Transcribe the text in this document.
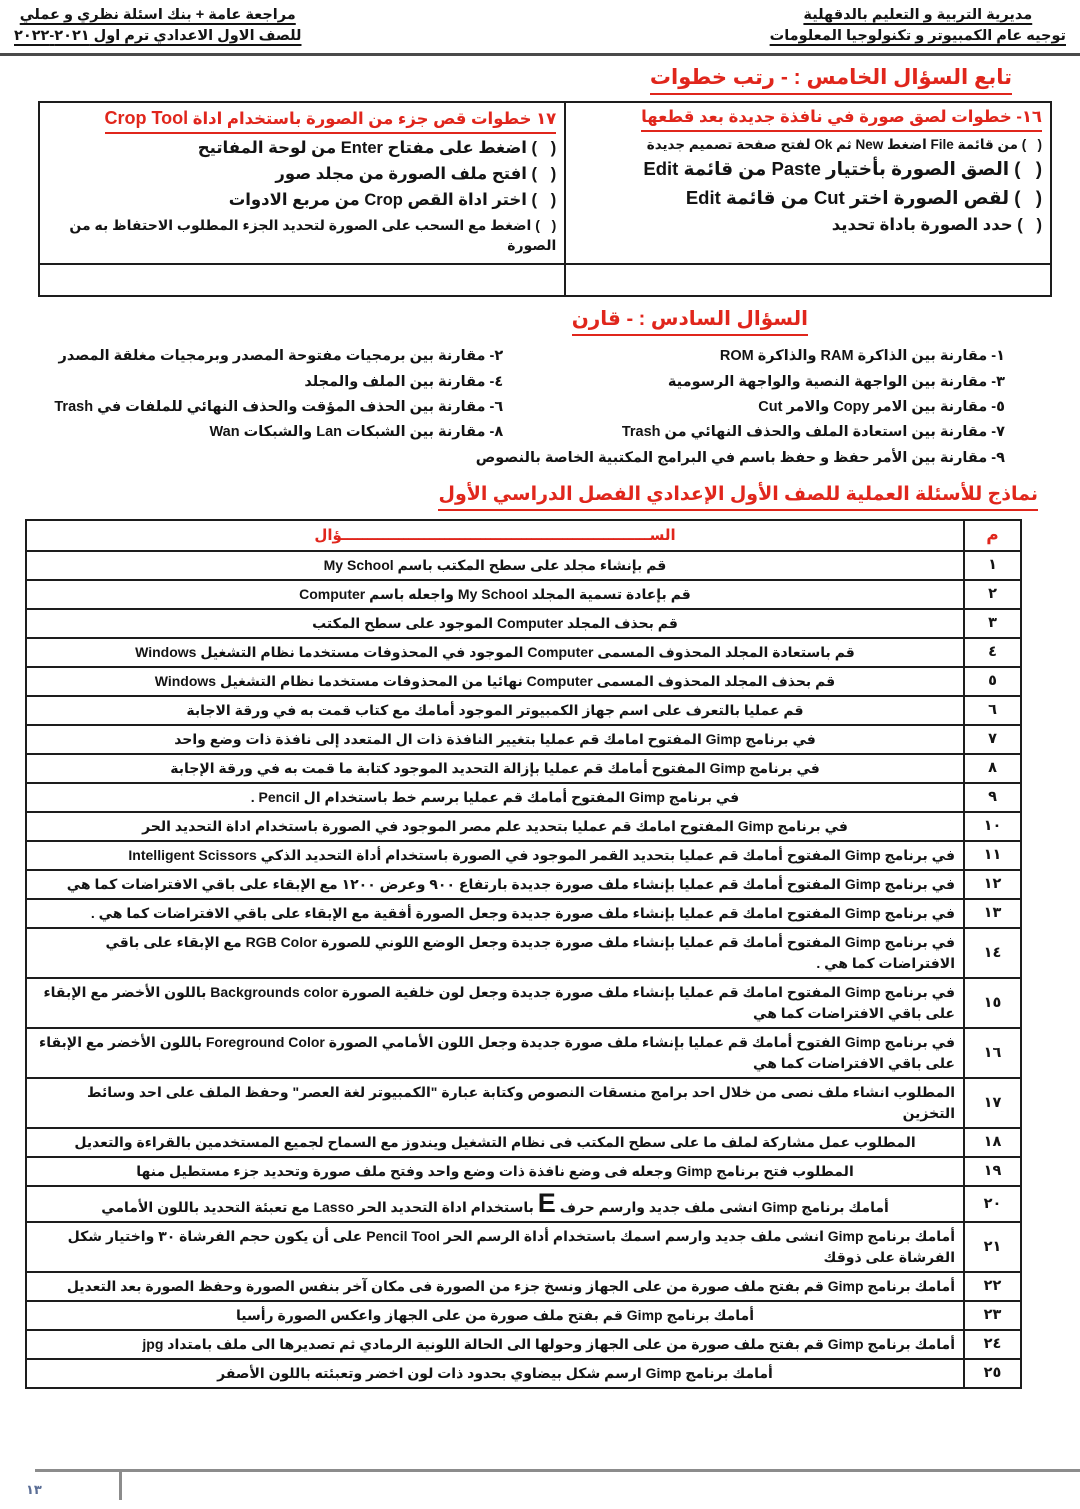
مديرية التربية و التعليم بالدقهلية
توجيه عام الكمبيوتر و تكنولوجيا المعلومات
مراجعة عامة + بنك اسئلة نظري و عملي
للصف الاول الاعدادي ترم اول ٢٠٢١-٢٠٢٢
تابع السؤال الخامس : - رتب خطوات
١٦- خطوات لصق صورة في نافذة جديدة بعد قطعها
(   ) من قائمة File اضغط New ثم Ok لفتح صفحة تصميم جديدة
(   ) الصق الصورة بأختيار Paste من قائمة Edit
(   ) لقص الصورة اختر Cut من قائمة Edit
(   ) حدد الصورة باداة تحديد

١٧ خطوات قص جزء من الصورة باستخدام اداة Crop Tool
(   ) اضغط على مفتاح Enter من لوحة المفاتيح
(   ) افتح ملف الصورة من مجلد صور
(   ) اختر اداة القص Crop من مربع الادوات
(   ) اضغط مع السحب على الصورة لتحديد الجزء المطلوب الاحتفاظ به من الصورة

السؤال السادس : - قارن
١- مقارنة بين الذاكرة RAM والذاكرة ROM
٢- مقارنة بين برمجيات مفتوحة المصدر وبرمجيات مغلقة المصدر
٣- مقارنة بين الواجهة النصية والواجهة الرسومية
٤- مقارنة بين الملف والمجلد
٥- مقارنة بين الامر Copy والامر Cut
٦- مقارنة بين الحذف المؤقت والحذف النهائي للملفات في Trash
٧- مقارنة بين استعادة الملف والحذف النهائي من Trash
٨- مقارنة بين الشبكات Lan والشبكات Wan
٩- مقارنة بين الأمر حفظ و حفظ باسم في البرامج المكتبية الخاصة بالنصوص
نماذج للأسئلة العملية للصف الأول الإعدادي الفصل الدراسي الأول
م	الســــــــــــــــــــــــــــــــــــــــــــــــــــــــــــؤال
١	قم بإنشاء مجلد على سطح المكتب باسم My School
٢	قم بإعادة تسمية المجلد My School واجعله باسم Computer
٣	قم بحذف المجلد Computer الموجود على سطح المكتب
٤	قم باستعادة المجلد المحذوف المسمى Computer الموجود في المحذوفات مستخدما نظام التشغيل Windows
٥	قم بحذف المجلد المحذوف المسمى Computer نهائيا من المحذوفات مستخدما نظام التشغيل Windows
٦	قم عمليا بالتعرف على اسم جهاز الكمبيوتر الموجود أمامك مع كتاب قمت به في ورقة الاجابة
٧	في برنامج Gimp المفتوح امامك قم عمليا بتغيير النافذة ذات ال المتعدد إلى نافذة ذات وضع واحد
٨	في برنامج Gimp المفتوح أمامك قم عمليا بإزالة التحديد الموجود كتابة ما قمت به في ورقة الإجابة
٩	في برنامج Gimp المفتوح أمامك قم عمليا برسم خط باستخدام ال Pencil .
١٠	في برنامج Gimp المفتوح امامك قم عمليا بتحديد علم مصر الموجود في الصورة باستخدام اداة التحديد الحر
١١	في برنامج Gimp المفتوح أمامك قم عمليا بتحديد القمر الموجود في الصورة باستخدام أداة التحديد الذكي Intelligent Scissors
١٢	في برنامج Gimp المفتوح أمامك قم عمليا بإنشاء ملف صورة جديدة بارتفاع ٩٠٠ وعرض ١٢٠٠ مع الإبقاء على باقي الافتراضات كما هي
١٣	في برنامج Gimp المفتوح امامك قم عمليا بإنشاء ملف صورة جديدة وجعل الصورة أفقية مع الإبقاء على باقي الافتراضات كما هي .
١٤	في برنامج Gimp المفتوح أمامك قم عمليا بإنشاء ملف صورة جديدة وجعل الوضع اللوني للصورة RGB Color مع الإبقاء على باقي الافتراضات كما هي .
١٥	في برنامج Gimp المفتوح امامك قم عمليا بإنشاء ملف صورة جديدة وجعل لون خلفية الصورة Backgrounds color باللون الأخضر مع الإبقاء على باقي الافتراضات كما هي
١٦	في برنامج Gimp الفتوح أمامك قم عمليا بإنشاء ملف صورة جديدة وجعل اللون الأمامي الصورة Foreground Color باللون الأخضر مع الإبقاء على باقي الافتراضات كما هي
١٧	المطلوب انشاء ملف نصى من خلال احد برامج منسقات النصوص وكتابة عبارة "الكمبيوتر لغة العصر" وحفظ الملف على احد وسائط التخزين
١٨	المطلوب عمل مشاركة لملف ما على سطح المكتب فى نظام التشغيل ويندوز مع السماح لجميع المستخدمين بالقراءة والتعديل
١٩	المطلوب فتح برنامج Gimp وجعله فى وضع نافذة ذات وضع واحد وفتح ملف صورة وتحديد جزء مستطيل منها
٢٠	أمامك برنامج Gimp انشى ملف جديد وارسم حرف E باستخدام اداة التحديد الحر Lasso مع تعبئة التحديد باللون الأمامي
٢١	أمامك برنامج Gimp انشى ملف جديد وارسم اسمك باستخدام أداة الرسم الحر Pencil Tool على أن يكون حجم الفرشاة ٣٠ واختيار شكل الفرشاة على ذوقك
٢٢	أمامك برنامج Gimp قم بفتح ملف صورة من على الجهاز ونسخ جزء من الصورة فى مكان آخر بنفس الصورة وحفظ الصورة بعد التعديل
٢٣	أمامك برنامج Gimp قم بفتح ملف صورة من على الجهاز واعكس الصورة رأسيا
٢٤	أمامك برنامج Gimp قم بفتح ملف صورة من على الجهاز وحولها الى الحالة اللونية الرمادي ثم تصديرها الى ملف بامتداد jpg
٢٥	أمامك برنامج Gimp ارسم شكل بيضاوي بحدود ذات لون اخضر وتعبئته باللون الأصفر
١٣
